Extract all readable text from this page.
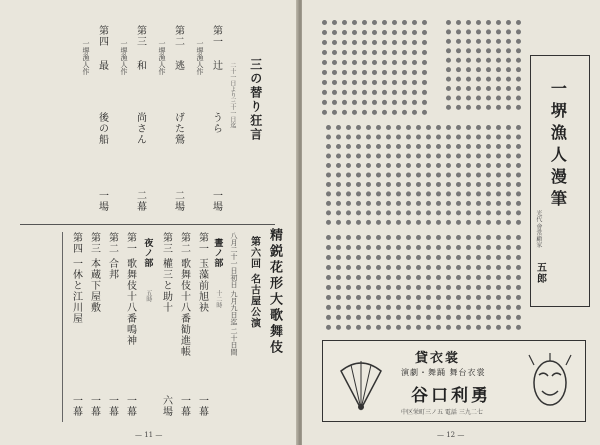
三の替り狂言
二十一日より三十一日迄
一堺漁人作
第一
辻
うら
一場
一堺漁人作
第二
逃
げた鶯
二場
一堺漁人作
第三
和
尚さん
二幕
一堺漁人作
第四
最
後の船
一場
精鋭花形大歌舞伎
第六回 名古屋公演
八月二十一日初日 九月九日迄 二十日間
晝ノ部
十二時
第一 玉藻前旭袂
一幕
第二 歌舞伎十八番勧進帳
一幕
第三 權三と助十
六場
夜ノ部
五時
第一 歌舞伎十八番鳴神
一幕
第二 合邦
一幕
第三 本蔵下屋敷
一幕
第四 一休と江川屋
一幕

— 11 —
一堺漁人漫筆
光代 會常顧家
五郎
貸衣裳
演劇・舞踊 舞台衣裳
谷口利勇
中区栄町三ノ五 電話 三九二七
— 12 —
